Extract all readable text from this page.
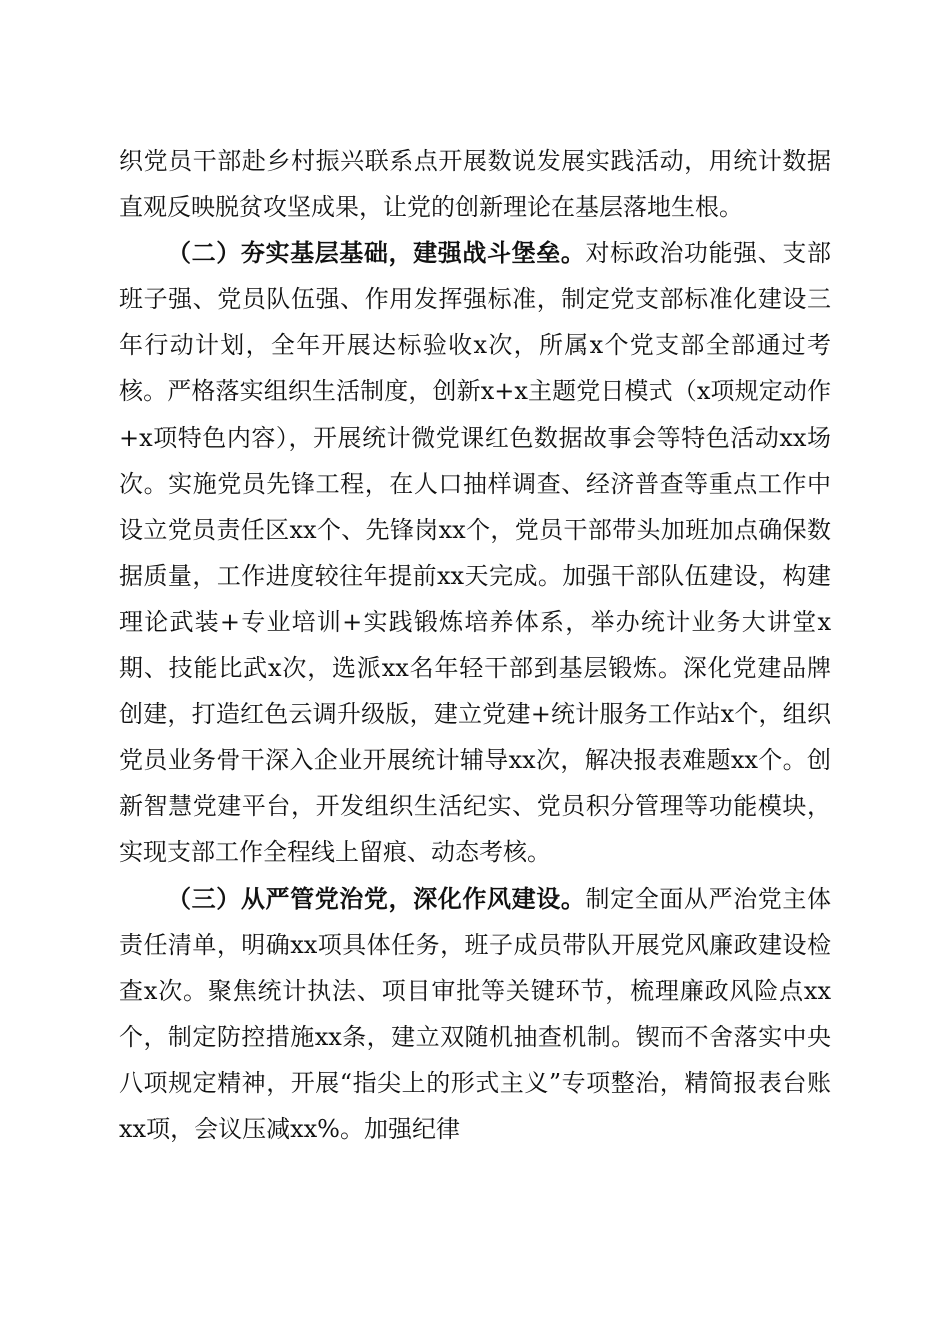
织党员干部赴乡村振兴联系点开展数说发展实践活动，用统计数据直观反映脱贫攻坚成果，让党的创新理论在基层落地生根。

（二）夯实基层基础，建强战斗堡垒。对标政治功能强、支部班子强、党员队伍强、作用发挥强标准，制定党支部标准化建设三年行动计划，全年开展达标验收x次，所属x个党支部全部通过考核。严格落实组织生活制度，创新x+x主题党日模式（x项规定动作+x项特色内容），开展统计微党课红色数据故事会等特色活动xx场次。实施党员先锋工程，在人口抽样调查、经济普查等重点工作中设立党员责任区xx个、先锋岗xx个，党员干部带头加班加点确保数据质量，工作进度较往年提前xx天完成。加强干部队伍建设，构建理论武装+专业培训+实践锻炼培养体系，举办统计业务大讲堂x期、技能比武x次，选派xx名年轻干部到基层锻炼。深化党建品牌创建，打造红色云调升级版，建立党建+统计服务工作站x个，组织党员业务骨干深入企业开展统计辅导xx次，解决报表难题xx个。创新智慧党建平台，开发组织生活纪实、党员积分管理等功能模块，实现支部工作全程线上留痕、动态考核。

（三）从严管党治党，深化作风建设。制定全面从严治党主体责任清单，明确xx项具体任务，班子成员带队开展党风廉政建设检查x次。聚焦统计执法、项目审批等关键环节，梳理廉政风险点xx个，制定防控措施xx条，建立双随机抽查机制。锲而不舍落实中央八项规定精神，开展“指尖上的形式主义”专项整治，精简报表台账xx项，会议压减xx%。加强纪律
